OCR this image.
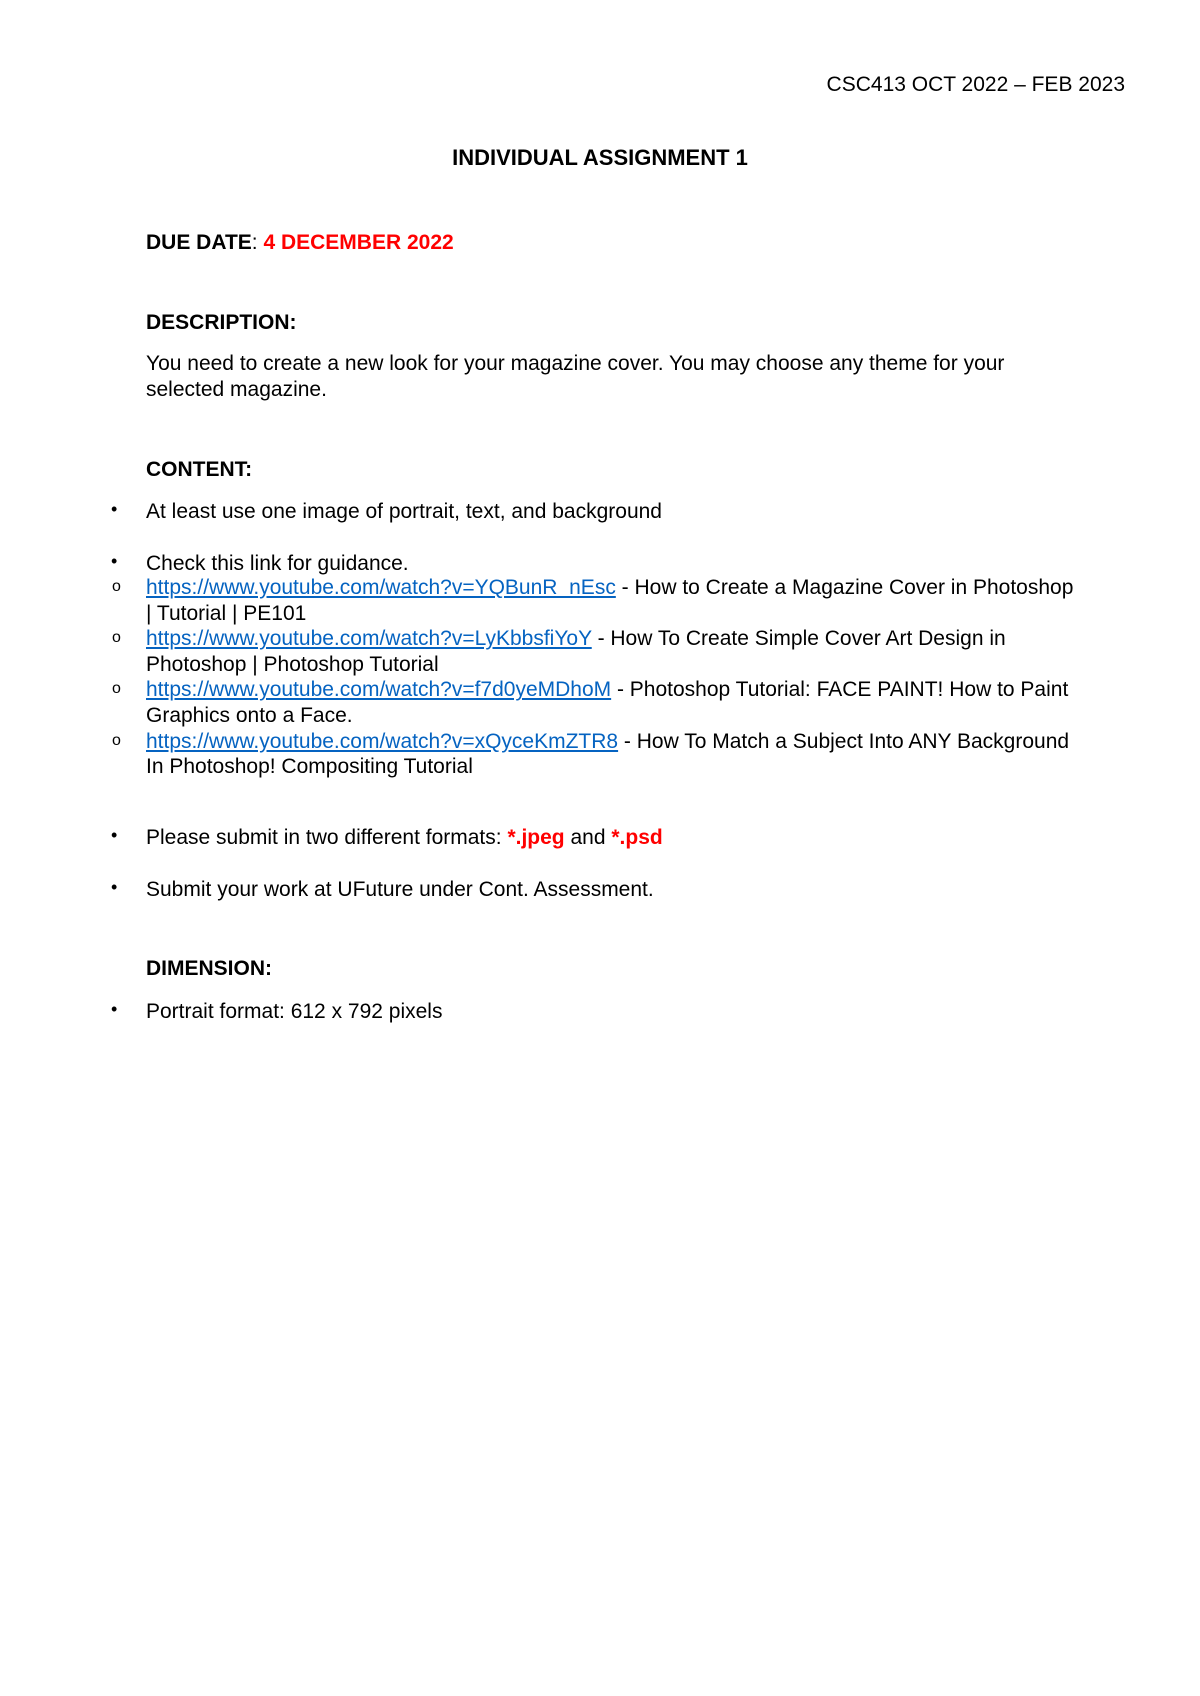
CSC413 OCT 2022 – FEB 2023

INDIVIDUAL ASSIGNMENT 1

DUE DATE: 4 DECEMBER 2022

DESCRIPTION:

You need to create a new look for your magazine cover. You may choose any theme for your selected magazine.

CONTENT:

• At least use one image of portrait, text, and background
• Check this link for guidance.
o https://www.youtube.com/watch?v=YQBunR_nEsc - How to Create a Magazine Cover in Photoshop | Tutorial | PE101
o https://www.youtube.com/watch?v=LyKbbsfiYoY - How To Create Simple Cover Art Design in Photoshop | Photoshop Tutorial
o https://www.youtube.com/watch?v=f7d0yeMDhoM - Photoshop Tutorial: FACE PAINT! How to Paint Graphics onto a Face.
o https://www.youtube.com/watch?v=xQyceKmZTR8 - How To Match a Subject Into ANY Background In Photoshop! Compositing Tutorial
• Please submit in two different formats: *.jpeg and *.psd
• Submit your work at UFuture under Cont. Assessment.

DIMENSION:

• Portrait format: 612 x 792 pixels
